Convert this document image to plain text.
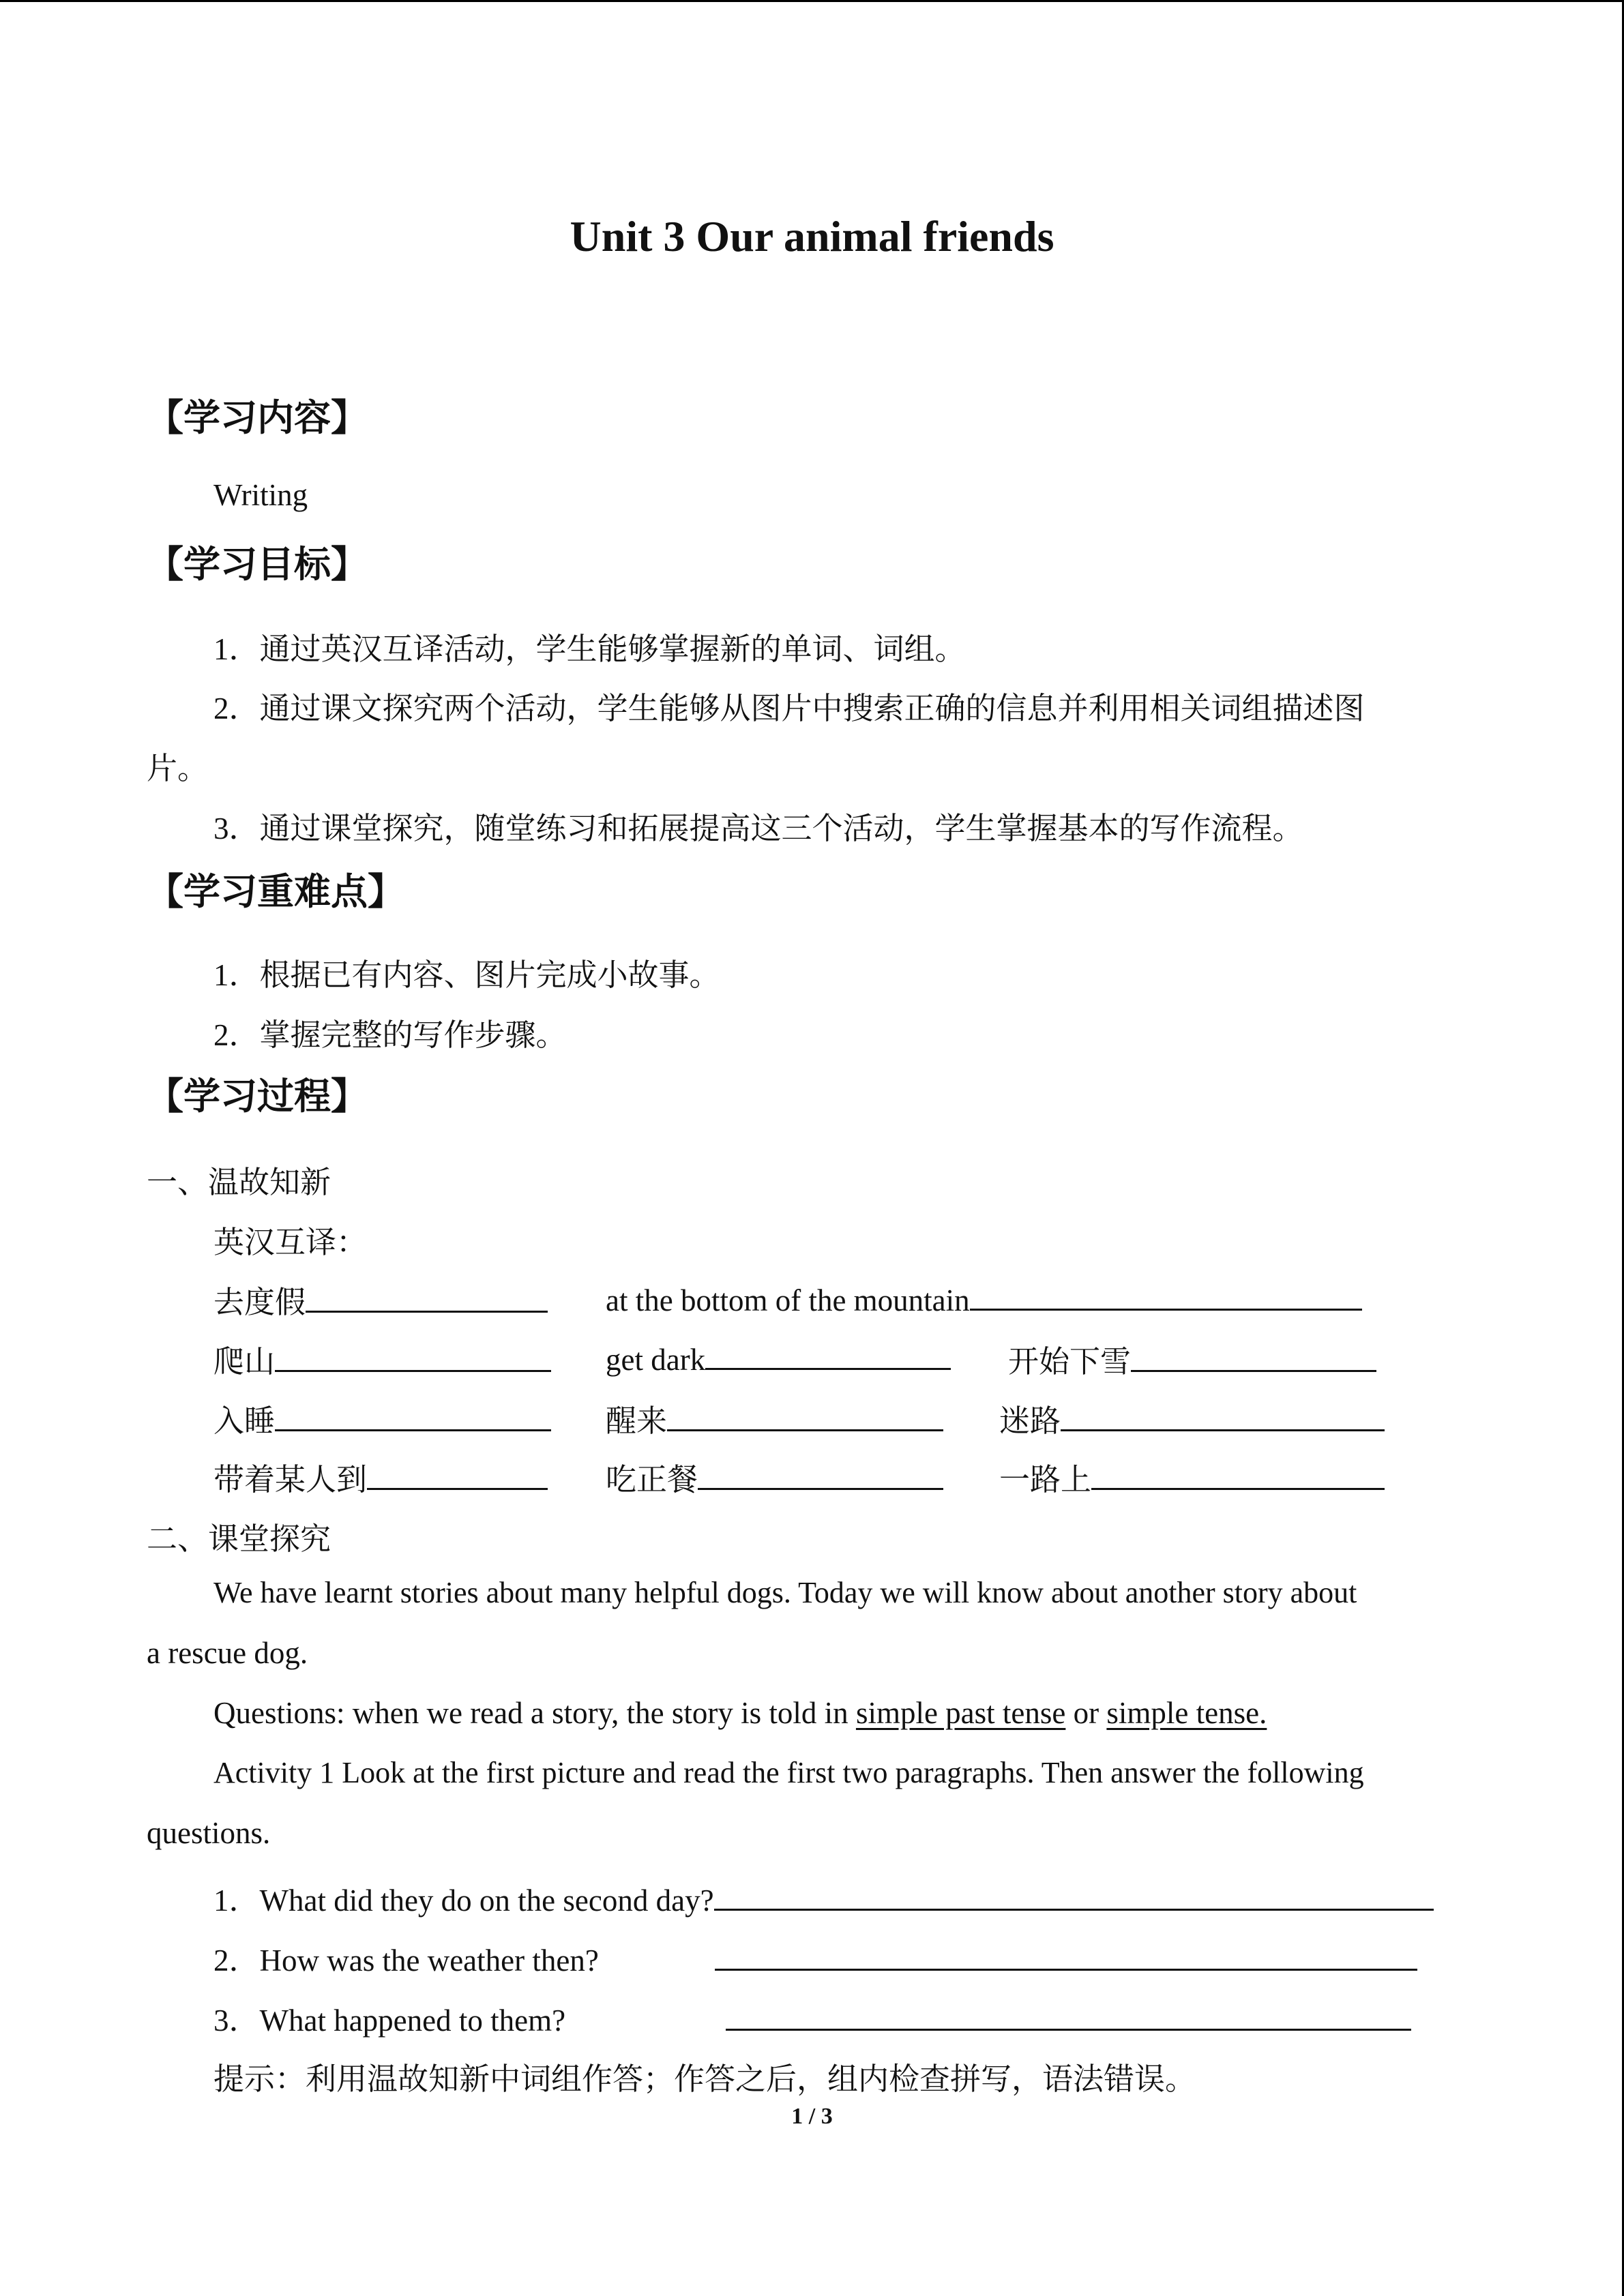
Unit 3 Our animal friends
【学习内容】
Writing
【学习目标】
1．通过英汉互译活动，学生能够掌握新的单词、词组。
2．通过课文探究两个活动，学生能够从图片中搜索正确的信息并利用相关词组描述图
片。
3．通过课堂探究，随堂练习和拓展提高这三个活动，学生掌握基本的写作流程。
【学习重难点】
1．根据已有内容、图片完成小故事。
2．掌握完整的写作步骤。
【学习过程】
一、温故知新
英汉互译：
去度假	at the bottom of the mountain
爬山	get dark	开始下雪
入睡	醒来	迷路
带着某人到	吃正餐	一路上
二、课堂探究
We have learnt stories about many helpful dogs. Today we will know about another story about
a rescue dog.
Questions: when we read a story, the story is told in simple past tense or simple tense.
Activity 1 Look at the first picture and read the first two paragraphs. Then answer the following
questions.
1．What did they do on the second day?
2．How was the weather then?
3．What happened to them?
提示：利用温故知新中词组作答；作答之后，组内检查拼写，语法错误。
1 / 3
